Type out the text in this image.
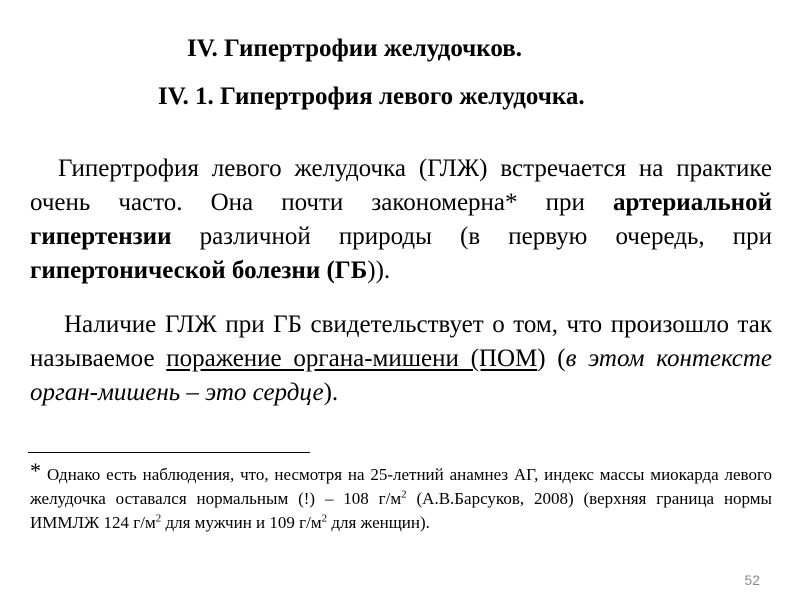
IV. Гипертрофии желудочков.
IV. 1. Гипертрофия левого желудочка.

Гипертрофия левого желудочка (ГЛЖ) встречается на практике очень часто. Она почти закономерна* при артериальной гипертензии различной природы (в первую очередь, при гипертонической болезни (ГБ)).

Наличие ГЛЖ при ГБ свидетельствует о том, что произошло так называемое поражение органа-мишени (ПОМ) (в этом контексте орган-мишень – это сердце).

* Однако есть наблюдения, что, несмотря на 25-летний анамнез АГ, индекс массы миокарда левого желудочка оставался нормальным (!) – 108 $г/м^2$ (А.В.Барсуков, 2008) (верхняя граница нормы ИММЛЖ 124 $г/м^2$ для мужчин и 109 $г/м^2$ для женщин).

52
